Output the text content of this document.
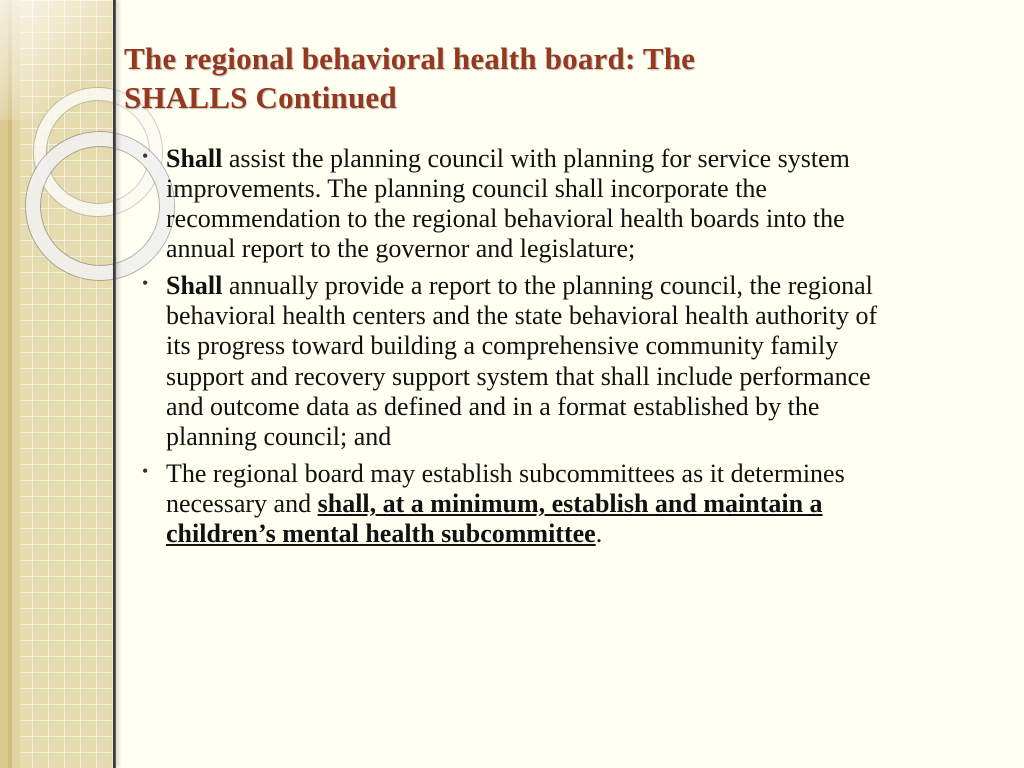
The regional behavioral health board: The
SHALLS Continued
• Shall assist the planning council with planning for service system improvements. The planning council shall incorporate the recommendation to the regional behavioral health boards into the annual report to the governor and legislature;
• Shall annually provide a report to the planning council, the regional behavioral health centers and the state behavioral health authority of its progress toward building a comprehensive community family support and recovery support system that shall include performance and outcome data as defined and in a format established by the planning council; and
• The regional board may establish subcommittees as it determines necessary and shall, at a minimum, establish and maintain a children’s mental health subcommittee.
